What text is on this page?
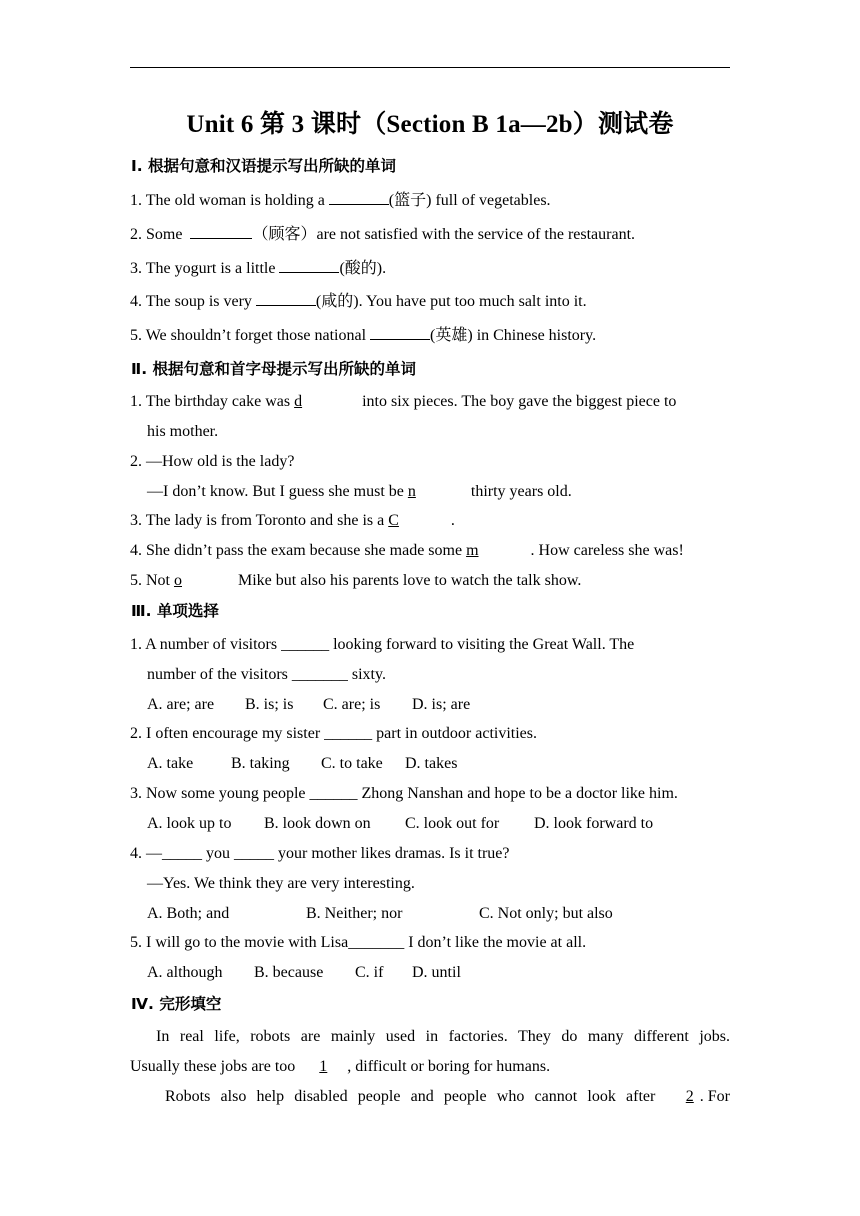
Unit 6 第 3 课时（Section B 1a—2b）测试卷
Ⅰ. 根据句意和汉语提示写出所缺的单词
1. The old woman is holding a	(篮子) full of vegetables.
2. Some	（顾客）are not satisfied with the service of the restaurant.
3. The yogurt is a little	(酸的).
4. The soup is very	(咸的). You have put too much salt into it.
5. We shouldn’t forget those national	(英雄) in Chinese history.
Ⅱ. 根据句意和首字母提示写出所缺的单词
1. The birthday cake was d	into six pieces. The boy gave the biggest piece to
his mother.
2. —How old is the lady?
—I don’t know. But I guess she must be n	thirty years old.
3. The lady is from Toronto and she is a C	.
4. She didn’t pass the exam because she made some m	. How careless she was!
5. Not o	Mike but also his parents love to watch the talk show.
Ⅲ. 单项选择
1. A number of visitors ______ looking forward to visiting the Great Wall. The
number of the visitors _______ sixty.
A. are; are B. is; is C. are; is D. is; are
2. I often encourage my sister ______ part in outdoor activities.
A. take B. taking C. to take D. takes
3. Now some young people ______ Zhong Nanshan and hope to be a doctor like him.
A. look up to B. look down on C. look out for D. look forward to
4. —_____ you _____ your mother likes dramas. Is it true?
—Yes. We think they are very interesting.
A. Both; and	B. Neither; nor	C. Not only; but also
5. I will go to the movie with Lisa_______ I don’t like the movie at all.
A. although B. because C. if D. until
Ⅳ. 完形填空
In real life, robots are mainly used in factories. They do many different jobs.
Usually these jobs are too 1 , difficult or boring for humans.
Robots also help disabled people and people who cannot look after	2 . For
